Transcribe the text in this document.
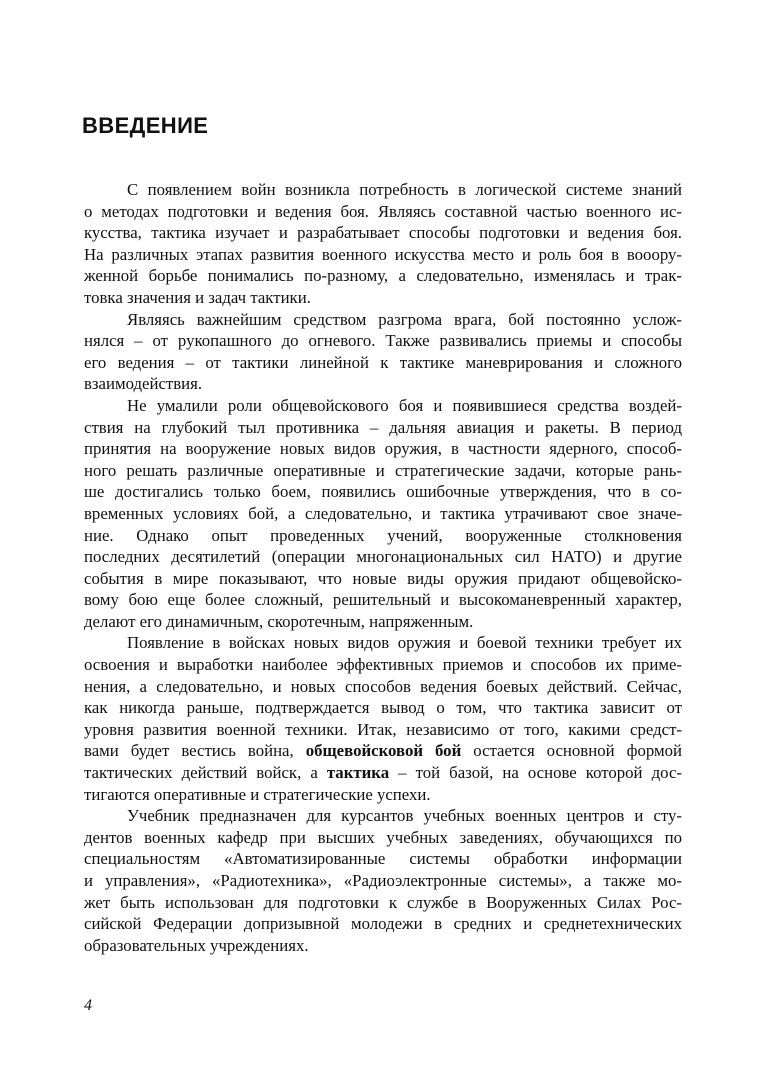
ВВЕДЕНИЕ
С появлением войн возникла потребность в логической системе знаний
о методах подготовки и ведения боя. Являясь составной частью военного ис-
кусства, тактика изучает и разрабатывает способы подготовки и ведения боя.
На различных этапах развития военного искусства место и роль боя в вооору-
женной борьбе понимались по-разному, а следовательно, изменялась и трак-
товка значения и задач тактики.
Являясь важнейшим средством разгрома врага, бой постоянно услож-
нялся – от рукопашного до огневого. Также развивались приемы и способы
его ведения – от тактики линейной к тактике маневрирования и сложного
взаимодействия.
Не умалили роли общевойскового боя и появившиеся средства воздей-
ствия на глубокий тыл противника – дальняя авиация и ракеты. В период
принятия на вооружение новых видов оружия, в частности ядерного, способ-
ного решать различные оперативные и стратегические задачи, которые рань-
ше достигались только боем, появились ошибочные утверждения, что в со-
временных условиях бой, а следовательно, и тактика утрачивают свое значе-
ние. Однако опыт проведенных учений, вооруженные столкновения
последних десятилетий (операции многонациональных сил НАТО) и другие
события в мире показывают, что новые виды оружия придают общевойско-
вому бою еще более сложный, решительный и высокоманевренный характер,
делают его динамичным, скоротечным, напряженным.
Появление в войсках новых видов оружия и боевой техники требует их
освоения и выработки наиболее эффективных приемов и способов их приме-
нения, а следовательно, и новых способов ведения боевых действий. Сейчас,
как никогда раньше, подтверждается вывод о том, что тактика зависит от
уровня развития военной техники. Итак, независимо от того, какими средст-
вами будет вестись война, общевойсковой бой остается основной формой
тактических действий войск, а тактика – той базой, на основе которой дос-
тигаются оперативные и стратегические успехи.
Учебник предназначен для курсантов учебных военных центров и сту-
дентов военных кафедр при высших учебных заведениях, обучающихся по
специальностям «Автоматизированные системы обработки информации
и управления», «Радиотехника», «Радиоэлектронные системы», а также мо-
жет быть использован для подготовки к службе в Вооруженных Силах Рос-
сийской Федерации допризывной молодежи в средних и среднетехнических
образовательных учреждениях.
4
